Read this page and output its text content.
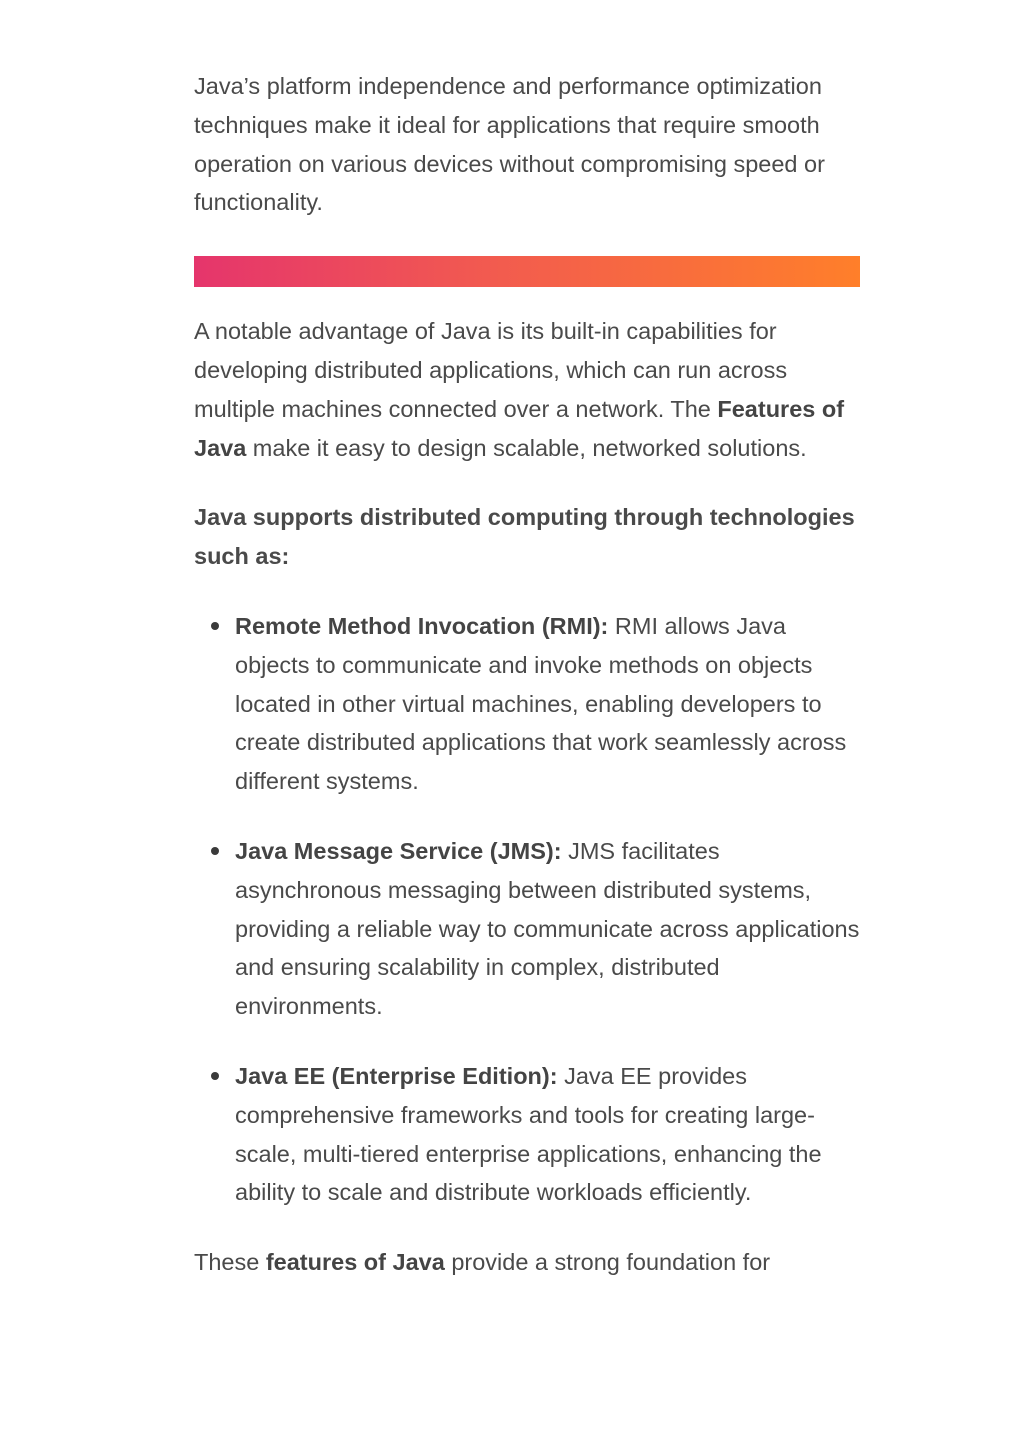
Java’s platform independence and performance optimization techniques make it ideal for applications that require smooth operation on various devices without compromising speed or functionality.

A notable advantage of Java is its built-in capabilities for developing distributed applications, which can run across multiple machines connected over a network. The Features of Java make it easy to design scalable, networked solutions.

Java supports distributed computing through technologies such as:

Remote Method Invocation (RMI): RMI allows Java objects to communicate and invoke methods on objects located in other virtual machines, enabling developers to create distributed applications that work seamlessly across different systems.
Java Message Service (JMS): JMS facilitates asynchronous messaging between distributed systems, providing a reliable way to communicate across applications and ensuring scalability in complex, distributed environments.
Java EE (Enterprise Edition): Java EE provides comprehensive frameworks and tools for creating large-scale, multi-tiered enterprise applications, enhancing the ability to scale and distribute workloads efficiently.

These features of Java provide a strong foundation for
